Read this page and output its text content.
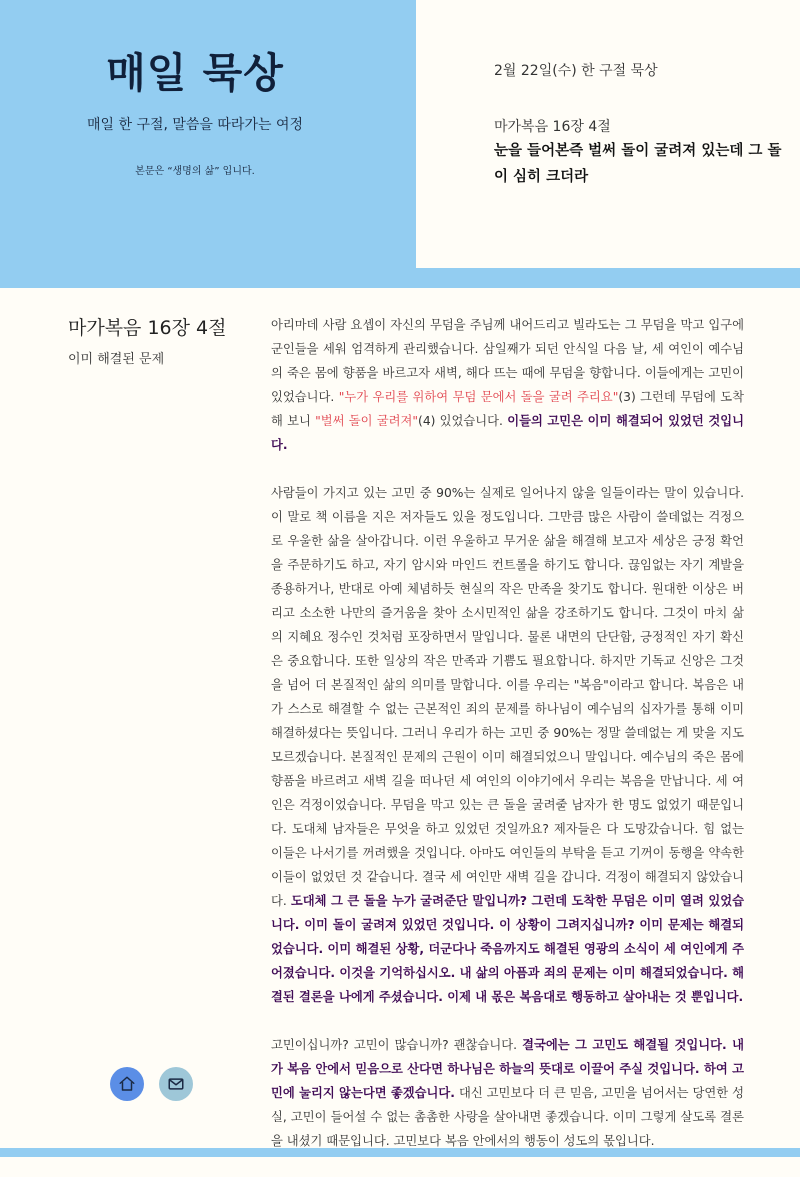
매일 묵상
매일 한 구절, 말씀을 따라가는 여정
본문은 “생명의 삶” 입니다.
2월 22일(수) 한 구절 묵상
마가복음 16장 4절
눈을 들어본즉 벌써 돌이 굴려져 있는데 그 돌이 심히 크더라
마가복음 16장 4절
이미 해결된 문제

아리마데 사람 요셉이 자신의 무덤을 주님께 내어드리고 빌라도는 그 무덤을 막고 입구에 군인들을 세워 엄격하게 관리했습니다. 삼일째가 되던 안식일 다음 날, 세 여인이 예수님의 죽은 몸에 향품을 바르고자 새벽, 해다 뜨는 때에 무덤을 향합니다. 이들에게는 고민이 있었습니다. "누가 우리를 위하여 무덤 문에서 돌을 굴려 주리요"(3) 그런데 무덤에 도착해 보니 "벌써 돌이 굴려져"(4) 있었습니다. 이들의 고민은 이미 해결되어 있었던 것입니다.

사람들이 가지고 있는 고민 중 90%는 실제로 일어나지 않을 일들이라는 말이 있습니다. 이 말로 책 이름을 지은 저자들도 있을 정도입니다. 그만큼 많은 사람이 쓸데없는 걱정으로 우울한 삶을 살아갑니다. 이런 우울하고 무거운 삶을 해결해 보고자 세상은 긍정 확언을 주문하기도 하고, 자기 암시와 마인드 컨트롤을 하기도 합니다. 끊임없는 자기 계발을 종용하거나, 반대로 아예 체념하듯 현실의 작은 만족을 찾기도 합니다. 원대한 이상은 버리고 소소한 나만의 즐거움을 찾아 소시민적인 삶을 강조하기도 합니다. 그것이 마치 삶의 지혜요 정수인 것처럼 포장하면서 말입니다. 물론 내면의 단단함, 긍정적인 자기 확신은 중요합니다. 또한 일상의 작은 만족과 기쁨도 필요합니다. 하지만 기독교 신앙은 그것을 넘어 더 본질적인 삶의 의미를 말합니다. 이를 우리는 "복음"이라고 합니다. 복음은 내가 스스로 해결할 수 없는 근본적인 죄의 문제를 하나님이 예수님의 십자가를 통해 이미 해결하셨다는 뜻입니다. 그러니 우리가 하는 고민 중 90%는 정말 쓸데없는 게 맞을 지도 모르겠습니다. 본질적인 문제의 근원이 이미 해결되었으니 말입니다. 예수님의 죽은 몸에 향품을 바르려고 새벽 길을 떠나던 세 여인의 이야기에서 우리는 복음을 만납니다. 세 여인은 걱정이었습니다. 무덤을 막고 있는 큰 돌을 굴려줄 남자가 한 명도 없었기 때문입니다. 도대체 남자들은 무엇을 하고 있었던 것일까요? 제자들은 다 도망갔습니다. 힘 없는 이들은 나서기를 꺼려했을 것입니다. 아마도 여인들의 부탁을 듣고 기꺼이 동행을 약속한 이들이 없었던 것 같습니다. 결국 세 여인만 새벽 길을 갑니다. 걱정이 해결되지 않았습니다. 도대체 그 큰 돌을 누가 굴려준단 말입니까? 그런데 도착한 무덤은 이미 열려 있었습니다. 이미 돌이 굴려져 있었던 것입니다. 이 상황이 그려지십니까? 이미 문제는 해결되었습니다. 이미 해결된 상황, 더군다나 죽음까지도 해결된 영광의 소식이 세 여인에게 주어졌습니다. 이것을 기억하십시오. 내 삶의 아픔과 죄의 문제는 이미 해결되었습니다. 해결된 결론을 나에게 주셨습니다. 이제 내 몫은 복음대로 행동하고 살아내는 것 뿐입니다.

고민이십니까? 고민이 많습니까? 괜찮습니다. 결국에는 그 고민도 해결될 것입니다. 내가 복음 안에서 믿음으로 산다면 하나님은 하늘의 뜻대로 이끌어 주실 것입니다. 하여 고민에 눌리지 않는다면 좋겠습니다. 대신 고민보다 더 큰 믿음, 고민을 넘어서는 당연한 성실, 고민이 들어설 수 없는 촘촘한 사랑을 살아내면 좋겠습니다. 이미 그렇게 살도록 결론을 내셨기 때문입니다. 고민보다 복음 안에서의 행동이 성도의 몫입니다.
